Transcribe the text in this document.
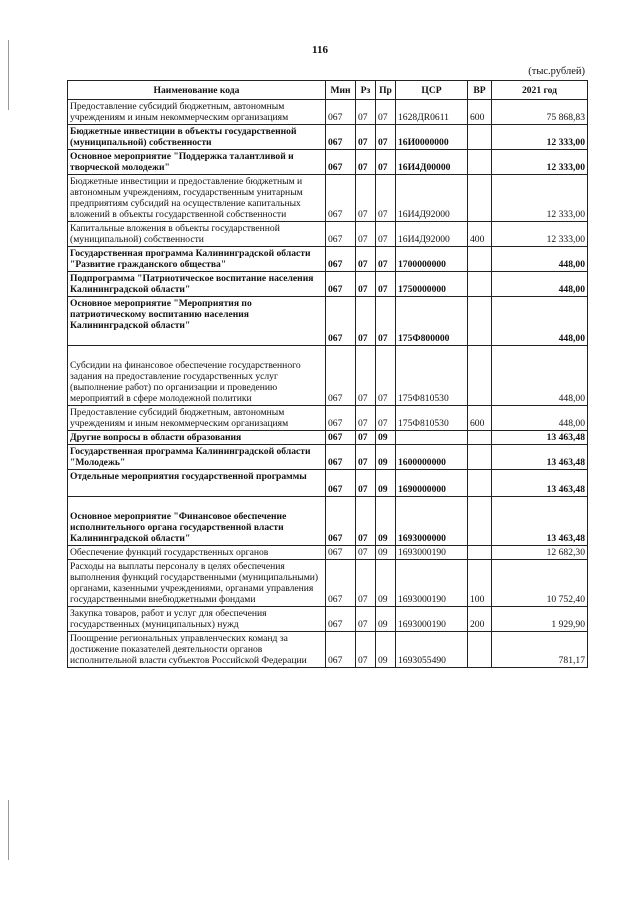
116
(тыс.рублей)
Наименование кода	Мин	Рз	Пр	ЦСР	ВР	2021 год
Предоставление субсидий бюджетным, автономным учреждениям и иным некоммерческим организациям	067	07	07	1628ДR0611	600	75 868,83
Бюджетные инвестиции в объекты государственной (муниципальной) собственности	067	07	07	16И0000000		12 333,00
Основное мероприятие "Поддержка талантливой и творческой молодежи"	067	07	07	16И4Д00000		12 333,00
Бюджетные инвестиции и предоставление бюджетным и автономным учреждениям, государственным унитарным предприятиям субсидий на осуществление капитальных вложений в объекты государственной собственности	067	07	07	16И4Д92000		12 333,00
Капитальные вложения в объекты государственной (муниципальной) собственности	067	07	07	16И4Д92000	400	12 333,00
Государственная программа Калининградской области "Развитие гражданского общества"	067	07	07	1700000000		448,00
Подпрограмма "Патриотическое воспитание населения Калининградской области"	067	07	07	1750000000		448,00
Основное мероприятие "Мероприятия по патриотическому воспитанию населения Калининградской области"	067	07	07	175Ф800000		448,00
Субсидии на финансовое обеспечение государственного задания на предоставление государственных услуг (выполнение работ) по организации и проведению мероприятий в сфере молодежной политики	067	07	07	175Ф810530		448,00
Предоставление субсидий бюджетным, автономным учреждениям и иным некоммерческим организациям	067	07	07	175Ф810530	600	448,00
Другие вопросы в области образования	067	07	09			13 463,48
Государственная программа Калининградской области "Молодежь"	067	07	09	1600000000		13 463,48
Отдельные мероприятия государственной программы	067	07	09	1690000000		13 463,48
Основное мероприятие "Финансовое обеспечение исполнительного органа государственной власти Калининградской области"	067	07	09	1693000000		13 463,48
Обеспечение функций государственных органов	067	07	09	1693000190		12 682,30
Расходы на выплаты персоналу в целях обеспечения выполнения функций государственными (муниципальными) органами, казенными учреждениями, органами управления государственными внебюджетными фондами	067	07	09	1693000190	100	10 752,40
Закупка товаров, работ и услуг для обеспечения государственных (муниципальных) нужд	067	07	09	1693000190	200	1 929,90
Поощрение региональных управленческих команд за достижение показателей деятельности органов исполнительной власти субъектов Российской Федерации	067	07	09	1693055490		781,17
